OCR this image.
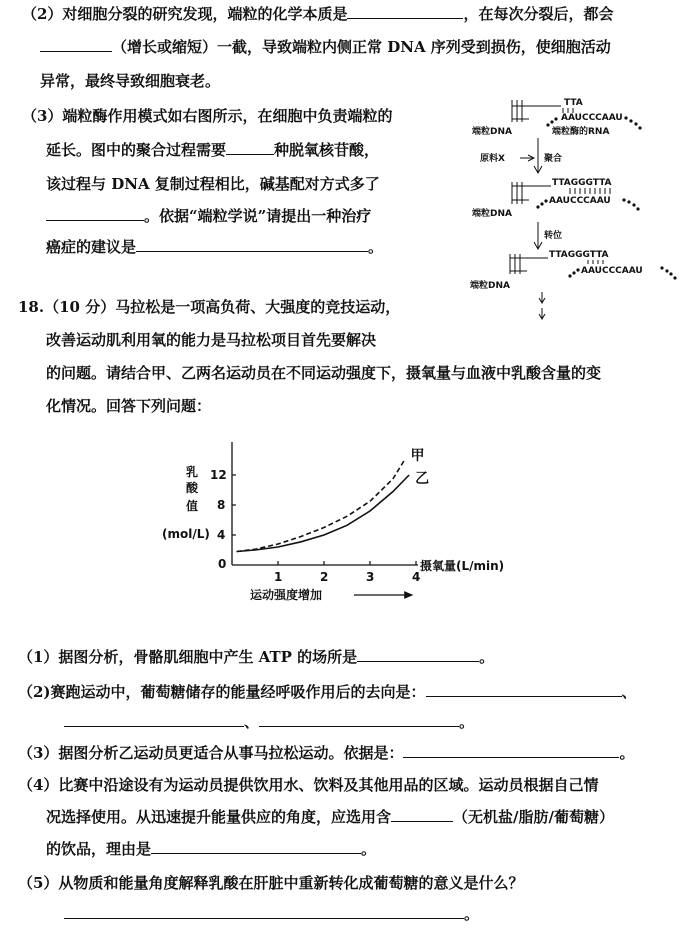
（2）对细胞分裂的研究发现，端粒的化学本质是	，在每次分裂后，都会
（增长或缩短）一截，导致端粒内侧正常 DNA 序列受到损伤，使细胞活动
异常，最终导致细胞衰老。
（3）端粒酶作用模式如右图所示，在细胞中负责端粒的
延长。图中的聚合过程需要	种脱氧核苷酸，
该过程与 DNA 复制过程相比，碱基配对方式多了
。依据“端粒学说”请提出一种治疗
癌症的建议是	。
TTA
AAUCCCAAU
端粒DNA	端粒酶的RNA
原料X	聚合
TTAGGGTTA
AAUCCCAAU
端粒DNA
转位
TTAGGGTTA
AAUCCCAAU
端粒DNA
18.（10 分）马拉松是一项高负荷、大强度的竞技运动，
改善运动肌利用氧的能力是马拉松项目首先要解决
的问题。请结合甲、乙两名运动员在不同运动强度下，摄氧量与血液中乳酸含量的变
化情况。回答下列问题：
0
1	2	3	4
12
8
4
甲
乙
乳
酸
值
(mol/L)
摄氧量(L/min)
运动强度增加
（1）据图分析，骨骼肌细胞中产生 ATP 的场所是	。
（2)赛跑运动中，葡萄糖储存的能量经呼吸作用后的去向是：	、
、	。
（3）据图分析乙运动员更适合从事马拉松运动。依据是：	。
（4）比赛中沿途设有为运动员提供饮用水、饮料及其他用品的区域。运动员根据自己情
况选择使用。从迅速提升能量供应的角度，应选用含	（无机盐/脂肪/葡萄糖）
的饮品，理由是	。
（5）从物质和能量角度解释乳酸在肝脏中重新转化成葡萄糖的意义是什么？
。
